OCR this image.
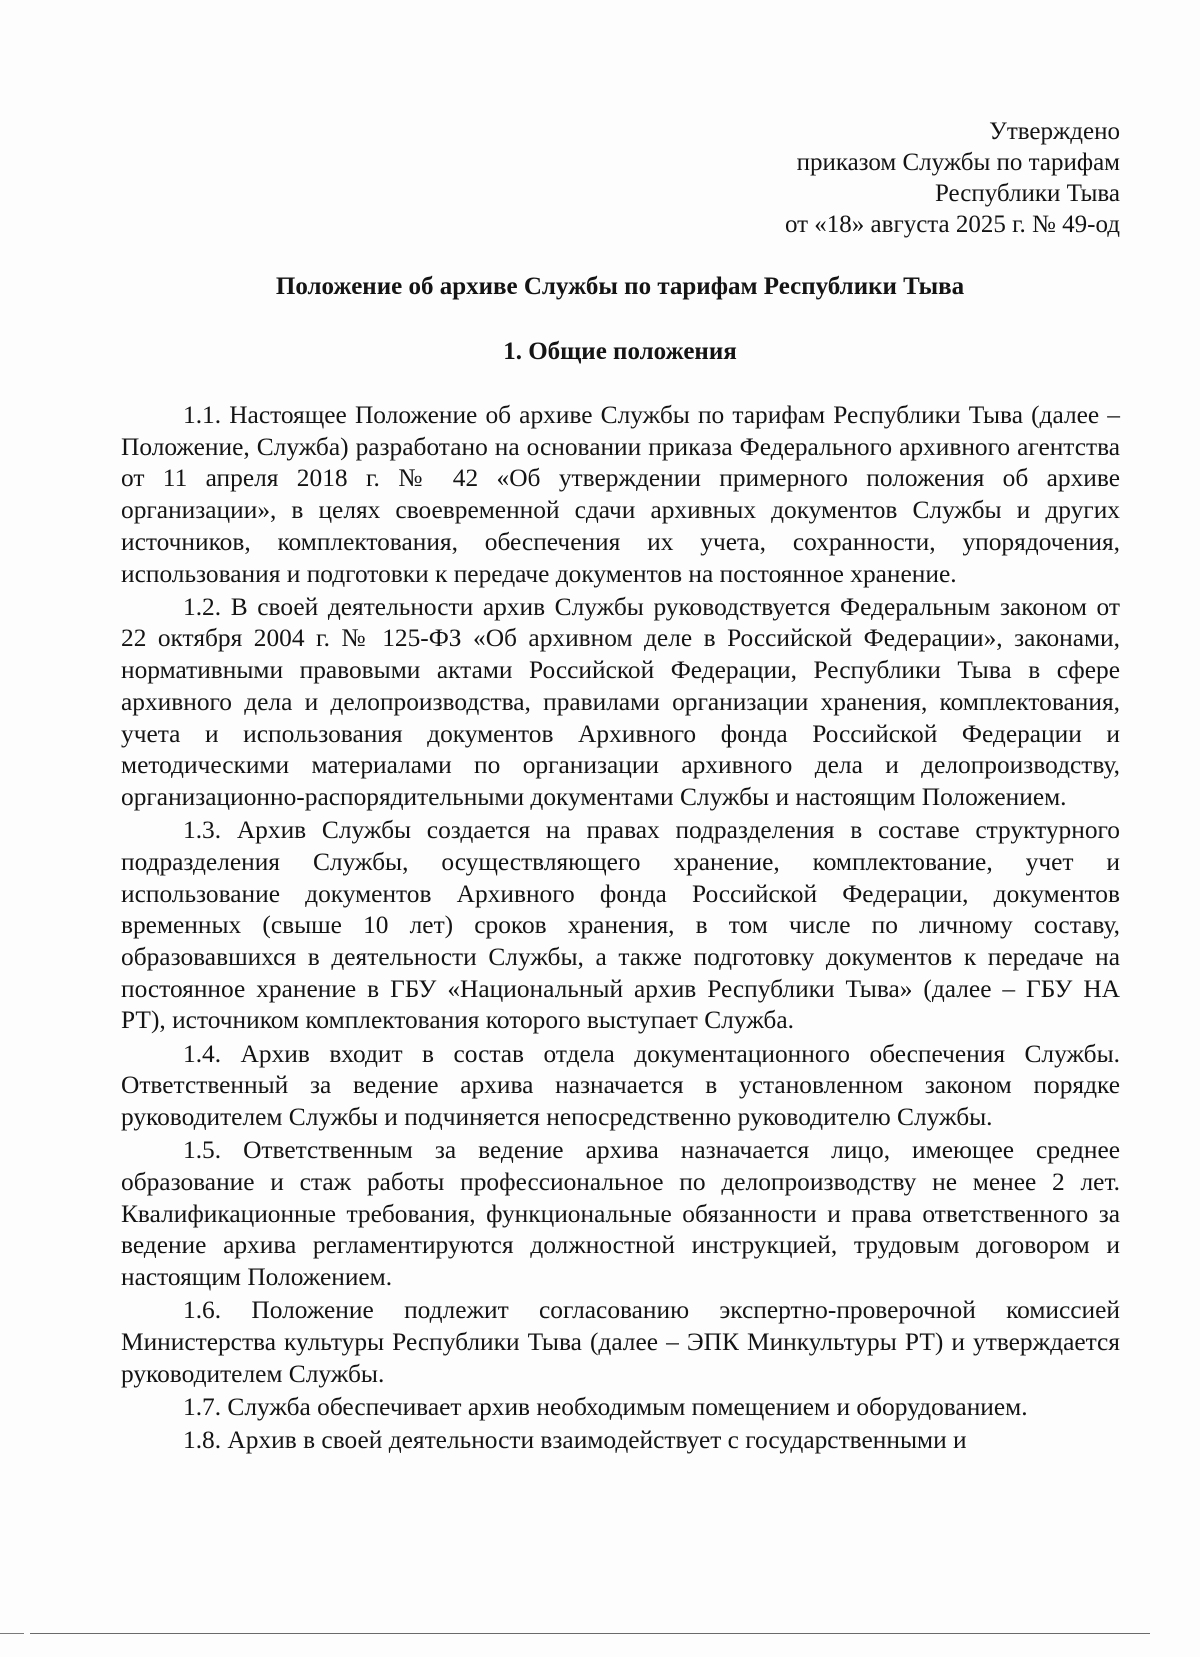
Утверждено
приказом Службы по тарифам
Республики Тыва
от «18» августа 2025 г. № 49-од
Положение об архиве Службы по тарифам Республики Тыва
1. Общие положения

1.1. Настоящее Положение об архиве Службы по тарифам Республики Тыва (далее – Положение, Служба) разработано на основании приказа Федерального архивного агентства от 11 апреля 2018 г. № 42 «Об утверждении примерного положения об архиве организации», в целях своевременной сдачи архивных документов Службы и других источников, комплектования, обеспечения их учета, сохранности, упорядочения, использования и подготовки к передаче документов на постоянное хранение.

1.2. В своей деятельности архив Службы руководствуется Федеральным законом от 22 октября 2004 г. № 125-ФЗ «Об архивном деле в Российской Федерации», законами, нормативными правовыми актами Российской Федерации, Республики Тыва в сфере архивного дела и делопроизводства, правилами организации хранения, комплектования, учета и использования документов Архивного фонда Российской Федерации и методическими материалами по организации архивного дела и делопроизводству, организационно-распорядительными документами Службы и настоящим Положением.

1.3. Архив Службы создается на правах подразделения в составе структурного подразделения Службы, осуществляющего хранение, комплектование, учет и использование документов Архивного фонда Российской Федерации, документов временных (свыше 10 лет) сроков хранения, в том числе по личному составу, образовавшихся в деятельности Службы, а также подготовку документов к передаче на постоянное хранение в ГБУ «Национальный архив Республики Тыва» (далее – ГБУ НА РТ), источником комплектования которого выступает Служба.

1.4. Архив входит в состав отдела документационного обеспечения Службы. Ответственный за ведение архива назначается в установленном законом порядке руководителем Службы и подчиняется непосредственно руководителю Службы.

1.5. Ответственным за ведение архива назначается лицо, имеющее среднее образование и стаж работы профессиональное по делопроизводству не менее 2 лет. Квалификационные требования, функциональные обязанности и права ответственного за ведение архива регламентируются должностной инструкцией, трудовым договором и настоящим Положением.

1.6. Положение подлежит согласованию экспертно-проверочной комиссией Министерства культуры Республики Тыва (далее – ЭПК Минкультуры РТ) и утверждается руководителем Службы.

1.7. Служба обеспечивает архив необходимым помещением и оборудованием.

1.8. Архив в своей деятельности взаимодействует с государственными и
